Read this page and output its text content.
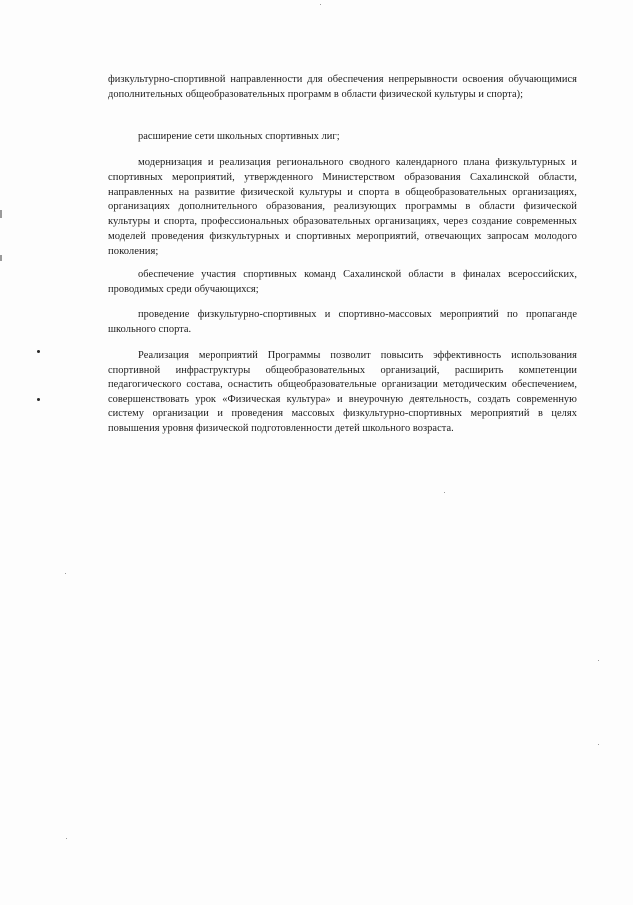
физкультурно-спортивной направленности для обеспечения непрерывности освоения обучающимися дополнительных общеобразовательных программ в области физической культуры и спорта);

расширение сети школьных спортивных лиг;

модернизация и реализация регионального сводного календарного плана физкультурных и спортивных мероприятий, утвержденного Министерством образования Сахалинской области, направленных на развитие физической культуры и спорта в общеобразовательных организациях, организациях дополнительного образования, реализующих программы в области физической культуры и спорта, профессиональных образовательных организациях, через создание современных моделей проведения физкультурных и спортивных мероприятий, отвечающих запросам молодого поколения;

обеспечение участия спортивных команд Сахалинской области в финалах всероссийских, проводимых среди обучающихся;

проведение физкультурно-спортивных и спортивно-массовых мероприятий по пропаганде школьного спорта.

Реализация мероприятий Программы позволит повысить эффективность использования спортивной инфраструктуры общеобразовательных организаций, расширить компетенции педагогического состава, оснастить общеобразовательные организации методическим обеспечением, совершенствовать урок «Физическая культура» и внеурочную деятельность, создать современную систему организации и проведения массовых физкультурно-спортивных мероприятий в целях повышения уровня физической подготовленности детей школьного возраста.
